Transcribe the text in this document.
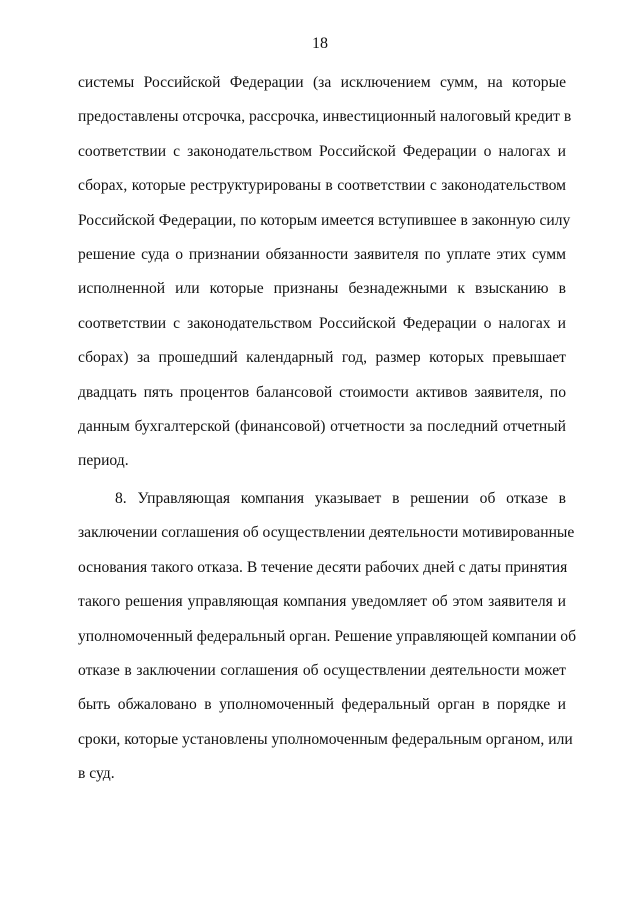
18
системы Российской Федерации (за исключением сумм, на которые
предоставлены отсрочка, рассрочка, инвестиционный налоговый кредит в
соответствии с законодательством Российской Федерации о налогах и
сборах, которые реструктурированы в соответствии с законодательством
Российской Федерации, по которым имеется вступившее в законную силу
решение суда о признании обязанности заявителя по уплате этих сумм
исполненной или которые признаны безнадежными к взысканию в
соответствии с законодательством Российской Федерации о налогах и
сборах) за прошедший календарный год, размер которых превышает
двадцать пять процентов балансовой стоимости активов заявителя, по
данным бухгалтерской (финансовой) отчетности за последний отчетный
период.
8. Управляющая компания указывает в решении об отказе в
заключении соглашения об осуществлении деятельности мотивированные
основания такого отказа. В течение десяти рабочих дней с даты принятия
такого решения управляющая компания уведомляет об этом заявителя и
уполномоченный федеральный орган. Решение управляющей компании об
отказе в заключении соглашения об осуществлении деятельности может
быть обжаловано в уполномоченный федеральный орган в порядке и
сроки, которые установлены уполномоченным федеральным органом, или
в суд.
